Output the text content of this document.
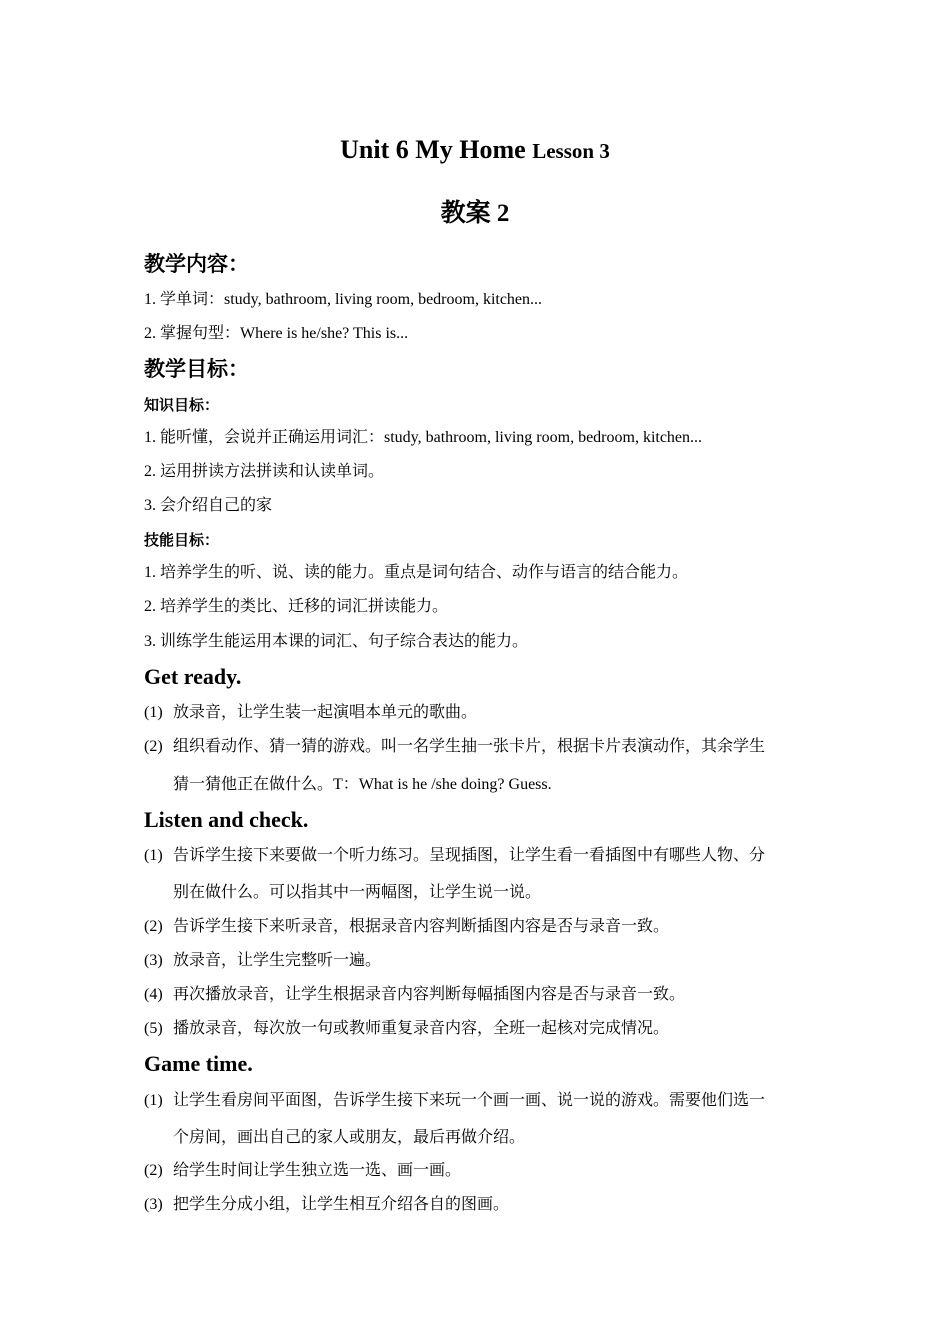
Unit 6 My Home Lesson 3
教案 2
教学内容：
1. 学单词：study, bathroom, living room, bedroom, kitchen...
2. 掌握句型：Where is he/she? This is...
教学目标：
知识目标：
1. 能听懂，会说并正确运用词汇：study, bathroom, living room, bedroom, kitchen...
2. 运用拼读方法拼读和认读单词。
3. 会介绍自己的家
技能目标：
1. 培养学生的听、说、读的能力。重点是词句结合、动作与语言的结合能力。
2. 培养学生的类比、迁移的词汇拼读能力。
3. 训练学生能运用本课的词汇、句子综合表达的能力。
Get ready.
(1) 放录音，让学生装一起演唱本单元的歌曲。
(2) 组织看动作、猜一猜的游戏。叫一名学生抽一张卡片，根据卡片表演动作，其余学生
猜一猜他正在做什么。T：What is he /she doing? Guess.
Listen and check.
(1) 告诉学生接下来要做一个听力练习。呈现插图，让学生看一看插图中有哪些人物、分
别在做什么。可以指其中一两幅图，让学生说一说。
(2) 告诉学生接下来听录音，根据录音内容判断插图内容是否与录音一致。
(3) 放录音，让学生完整听一遍。
(4) 再次播放录音，让学生根据录音内容判断每幅插图内容是否与录音一致。
(5) 播放录音，每次放一句或教师重复录音内容，全班一起核对完成情况。
Game time.
(1) 让学生看房间平面图，告诉学生接下来玩一个画一画、说一说的游戏。需要他们选一
个房间，画出自己的家人或朋友，最后再做介绍。
(2) 给学生时间让学生独立选一选、画一画。
(3) 把学生分成小组，让学生相互介绍各自的图画。
